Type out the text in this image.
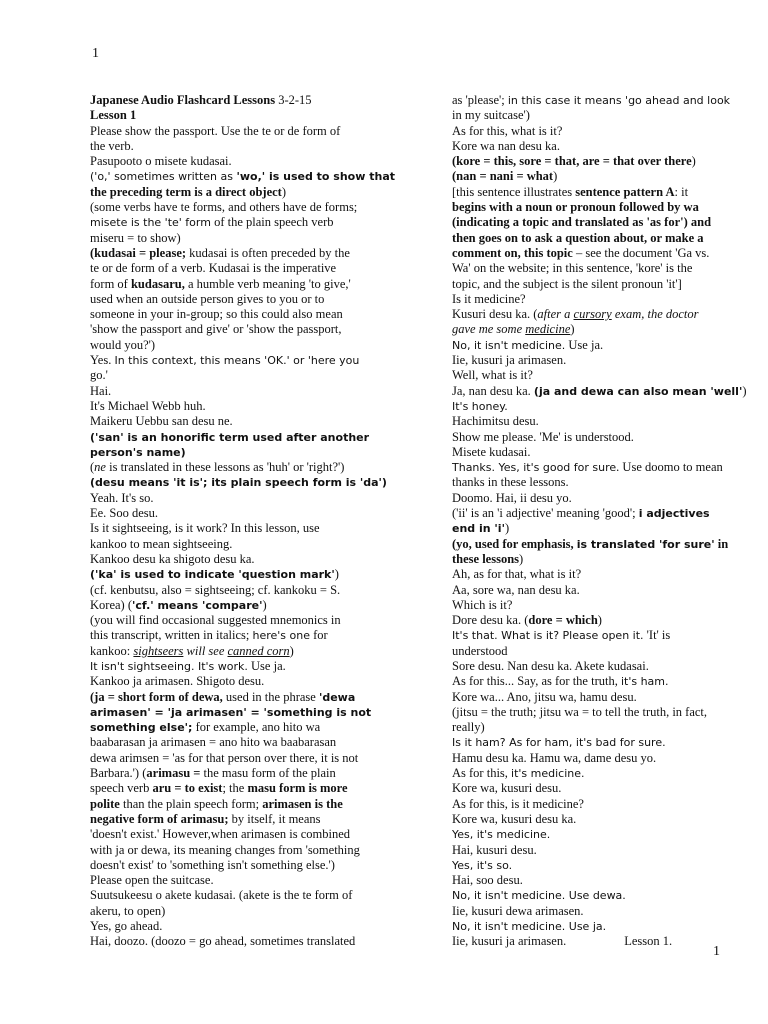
1
Japanese Audio Flashcard Lessons 3-2-15
Lesson 1
Please show the passport. Use the te or de form of
the verb.
Pasupooto o misete kudasai.
('o,' sometimes written as 'wo,' is used to show that
the preceding term is a direct object)
(some verbs have te forms, and others have de forms;
misete is the 'te' form of the plain speech verb
miseru = to show)
(kudasai = please; kudasai is often preceded by the
te or de form of a verb. Kudasai is the imperative
form of kudasaru, a humble verb meaning 'to give,'
used when an outside person gives to you or to
someone in your in-group; so this could also mean
'show the passport and give' or 'show the passport,
would you?')
Yes. In this context, this means 'OK.' or 'here you
go.'
Hai.
It's Michael Webb huh.
Maikeru Uebbu san desu ne.
('san' is an honorific term used after another
person's name)
(ne is translated in these lessons as 'huh' or 'right?')
(desu means 'it is'; its plain speech form is 'da')
Yeah. It's so.
Ee. Soo desu.
Is it sightseeing, is it work? In this lesson, use
kankoo to mean sightseeing.
Kankoo desu ka shigoto desu ka.
('ka' is used to indicate 'question mark')
(cf. kenbutsu, also = sightseeing; cf. kankoku = S.
Korea) ('cf.' means 'compare')
(you will find occasional suggested mnemonics in
this transcript, written in italics; here's one for
kankoo: sightseers will see canned corn)
It isn't sightseeing. It's work. Use ja.
Kankoo ja arimasen. Shigoto desu.
(ja = short form of dewa, used in the phrase 'dewa
arimasen' = 'ja arimasen' = 'something is not
something else'; for example, ano hito wa
baabarasan ja arimasen = ano hito wa baabarasan
dewa arimsen = 'as for that person over there, it is not
Barbara.') (arimasu = the masu form of the plain
speech verb aru = to exist; the masu form is more
polite than the plain speech form; arimasen is the
negative form of arimasu; by itself, it means
'doesn't exist.' However,when arimasen is combined
with ja or dewa, its meaning changes from 'something
doesn't exist' to 'something isn't something else.')
Please open the suitcase.
Suutsukeesu o akete kudasai. (akete is the te form of
akeru, to open)
Yes, go ahead.
Hai, doozo. (doozo = go ahead, sometimes translated
as 'please'; in this case it means 'go ahead and look
in my suitcase')
As for this, what is it?
Kore wa nan desu ka.
(kore = this, sore = that, are = that over there)
(nan = nani = what)
[this sentence illustrates sentence pattern A: it
begins with a noun or pronoun followed by wa
(indicating a topic and translated as 'as for') and
then goes on to ask a question about, or make a
comment on, this topic – see the document 'Ga vs.
Wa' on the website; in this sentence, 'kore' is the
topic, and the subject is the silent pronoun 'it']
Is it medicine?
Kusuri desu ka. (after a cursory exam, the doctor
gave me some medicine)
No, it isn't medicine. Use ja.
Iie, kusuri ja arimasen.
Well, what is it?
Ja, nan desu ka. (ja and dewa can also mean 'well')
It's honey.
Hachimitsu desu.
Show me please. 'Me' is understood.
Misete kudasai.
Thanks. Yes, it's good for sure. Use doomo to mean
thanks in these lessons.
Doomo. Hai, ii desu yo.
('ii' is an 'i adjective' meaning 'good'; i adjectives
end in 'i')
(yo, used for emphasis, is translated 'for sure' in
these lessons)
Ah, as for that, what is it?
Aa, sore wa, nan desu ka.
Which is it?
Dore desu ka. (dore = which)
It's that. What is it? Please open it. 'It' is
understood
Sore desu. Nan desu ka. Akete kudasai.
As for this... Say, as for the truth, it's ham.
Kore wa... Ano, jitsu wa, hamu desu.
(jitsu = the truth; jitsu wa = to tell the truth, in fact,
really)
Is it ham? As for ham, it's bad for sure.
Hamu desu ka. Hamu wa, dame desu yo.
As for this, it's medicine.
Kore wa, kusuri desu.
As for this, is it medicine?
Kore wa, kusuri desu ka.
Yes, it's medicine.
Hai, kusuri desu.
Yes, it's so.
Hai, soo desu.
No, it isn't medicine. Use dewa.
Iie, kusuri dewa arimasen.
No, it isn't medicine. Use ja.
Iie, kusuri ja arimasen.	Lesson 1.
1
